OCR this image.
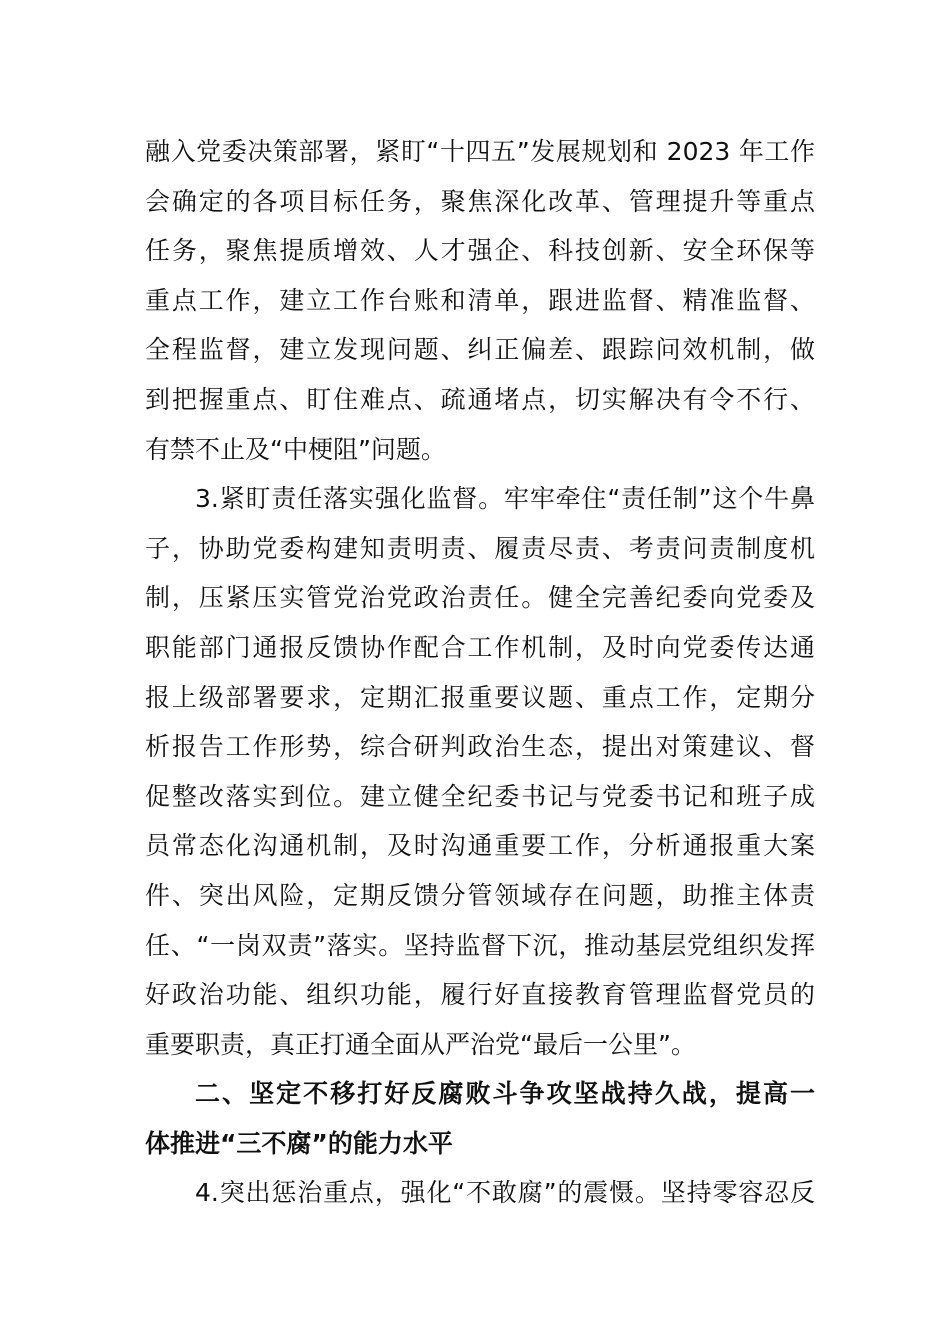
融入党委决策部署，紧盯“十四五”发展规划和 2023 年工作
会确定的各项目标任务，聚焦深化改革、管理提升等重点
任务，聚焦提质增效、人才强企、科技创新、安全环保等
重点工作，建立工作台账和清单，跟进监督、精准监督、
全程监督，建立发现问题、纠正偏差、跟踪问效机制，做
到把握重点、盯住难点、疏通堵点，切实解决有令不行、
有禁不止及“中梗阻”问题。
3.紧盯责任落实强化监督。牢牢牵住“责任制”这个牛鼻
子，协助党委构建知责明责、履责尽责、考责问责制度机
制，压紧压实管党治党政治责任。健全完善纪委向党委及
职能部门通报反馈协作配合工作机制，及时向党委传达通
报上级部署要求，定期汇报重要议题、重点工作，定期分
析报告工作形势，综合研判政治生态，提出对策建议、督
促整改落实到位。建立健全纪委书记与党委书记和班子成
员常态化沟通机制，及时沟通重要工作，分析通报重大案
件、突出风险，定期反馈分管领域存在问题，助推主体责
任、“一岗双责”落实。坚持监督下沉，推动基层党组织发挥
好政治功能、组织功能，履行好直接教育管理监督党员的
重要职责，真正打通全面从严治党“最后一公里”。
二、坚定不移打好反腐败斗争攻坚战持久战，提高一
体推进“三不腐”的能力水平
4.突出惩治重点，强化“不敢腐”的震慑。坚持零容忍反
